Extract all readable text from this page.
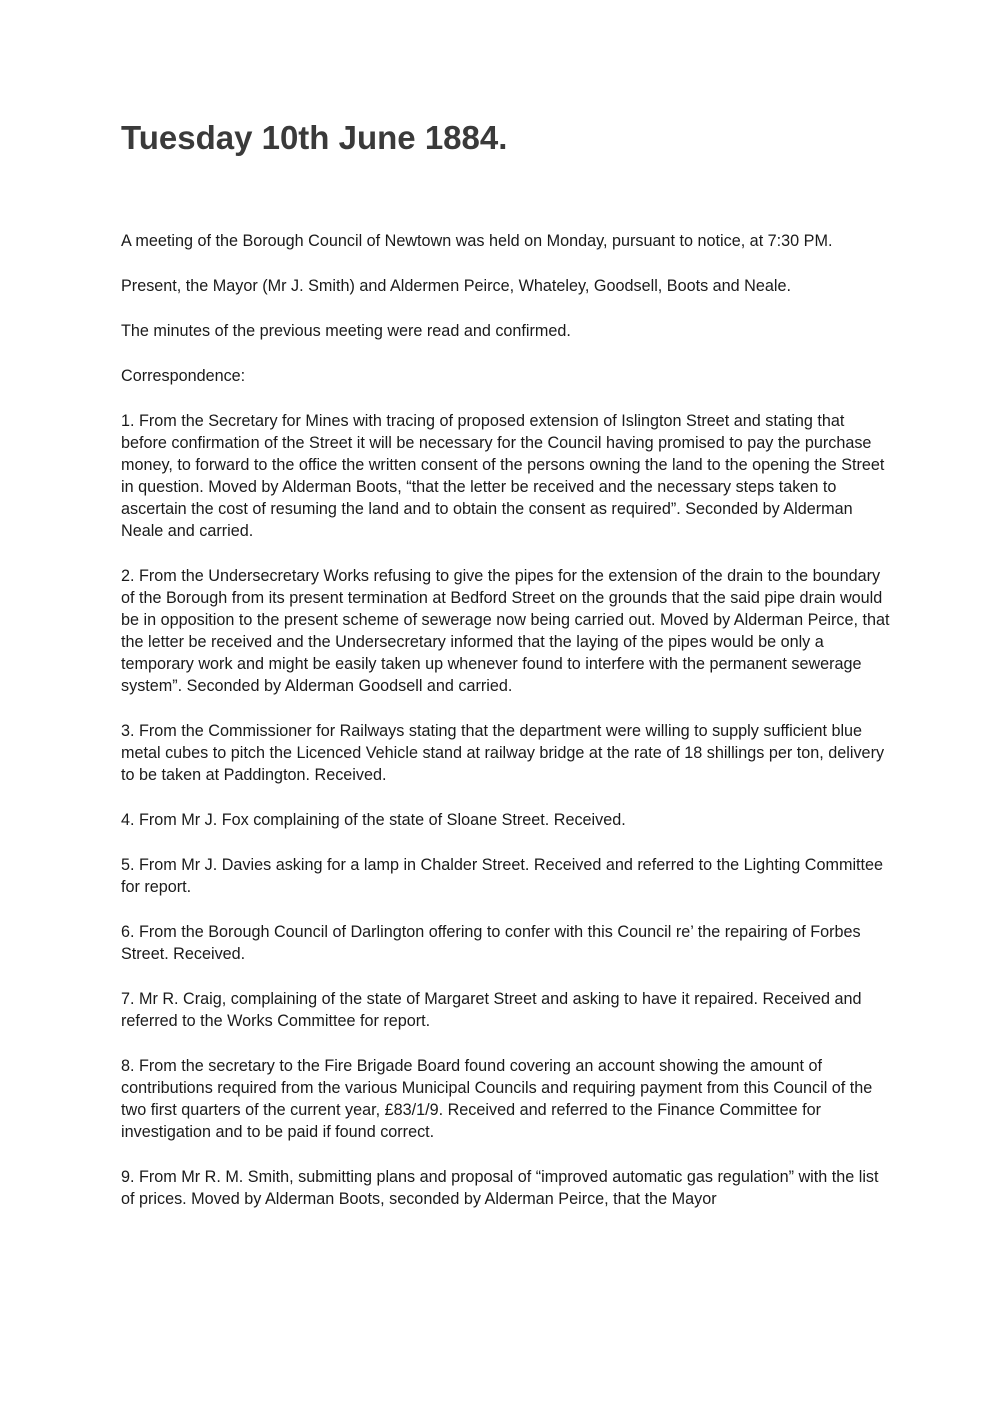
Tuesday 10th June 1884.

A meeting of the Borough Council of Newtown was held on Monday, pursuant to notice, at 7:30 PM.

Present, the Mayor (Mr J. Smith) and Aldermen Peirce, Whateley, Goodsell, Boots and Neale.

The minutes of the previous meeting were read and confirmed.

Correspondence:

1. From the Secretary for Mines with tracing of proposed extension of Islington Street and stating that before confirmation of the Street it will be necessary for the Council having promised to pay the purchase money, to forward to the office the written consent of the persons owning the land to the opening the Street in question. Moved by Alderman Boots, “that the letter be received and the necessary steps taken to ascertain the cost of resuming the land and to obtain the consent as required”. Seconded by Alderman Neale and carried.

2. From the Undersecretary Works refusing to give the pipes for the extension of the drain to the boundary of the Borough from its present termination at Bedford Street on the grounds that the said pipe drain would be in opposition to the present scheme of sewerage now being carried out. Moved by Alderman Peirce, that the letter be received and the Undersecretary informed that the laying of the pipes would be only a temporary work and might be easily taken up whenever found to interfere with the permanent sewerage system”. Seconded by Alderman Goodsell and carried.

3. From the Commissioner for Railways stating that the department were willing to supply sufficient blue metal cubes to pitch the Licenced Vehicle stand at railway bridge at the rate of 18 shillings per ton, delivery to be taken at Paddington. Received.

4. From Mr J. Fox complaining of the state of Sloane Street. Received.

5. From Mr J. Davies asking for a lamp in Chalder Street. Received and referred to the Lighting Committee for report.

6. From the Borough Council of Darlington offering to confer with this Council re’ the repairing of Forbes Street. Received.

7. Mr R. Craig, complaining of the state of Margaret Street and asking to have it repaired. Received and referred to the Works Committee for report.

8. From the secretary to the Fire Brigade Board found covering an account showing the amount of contributions required from the various Municipal Councils and requiring payment from this Council of the two first quarters of the current year, £83/1/9. Received and referred to the Finance Committee for investigation and to be paid if found correct.

9. From Mr R. M. Smith, submitting plans and proposal of “improved automatic gas regulation” with the list of prices. Moved by Alderman Boots, seconded by Alderman Peirce, that the Mayor
